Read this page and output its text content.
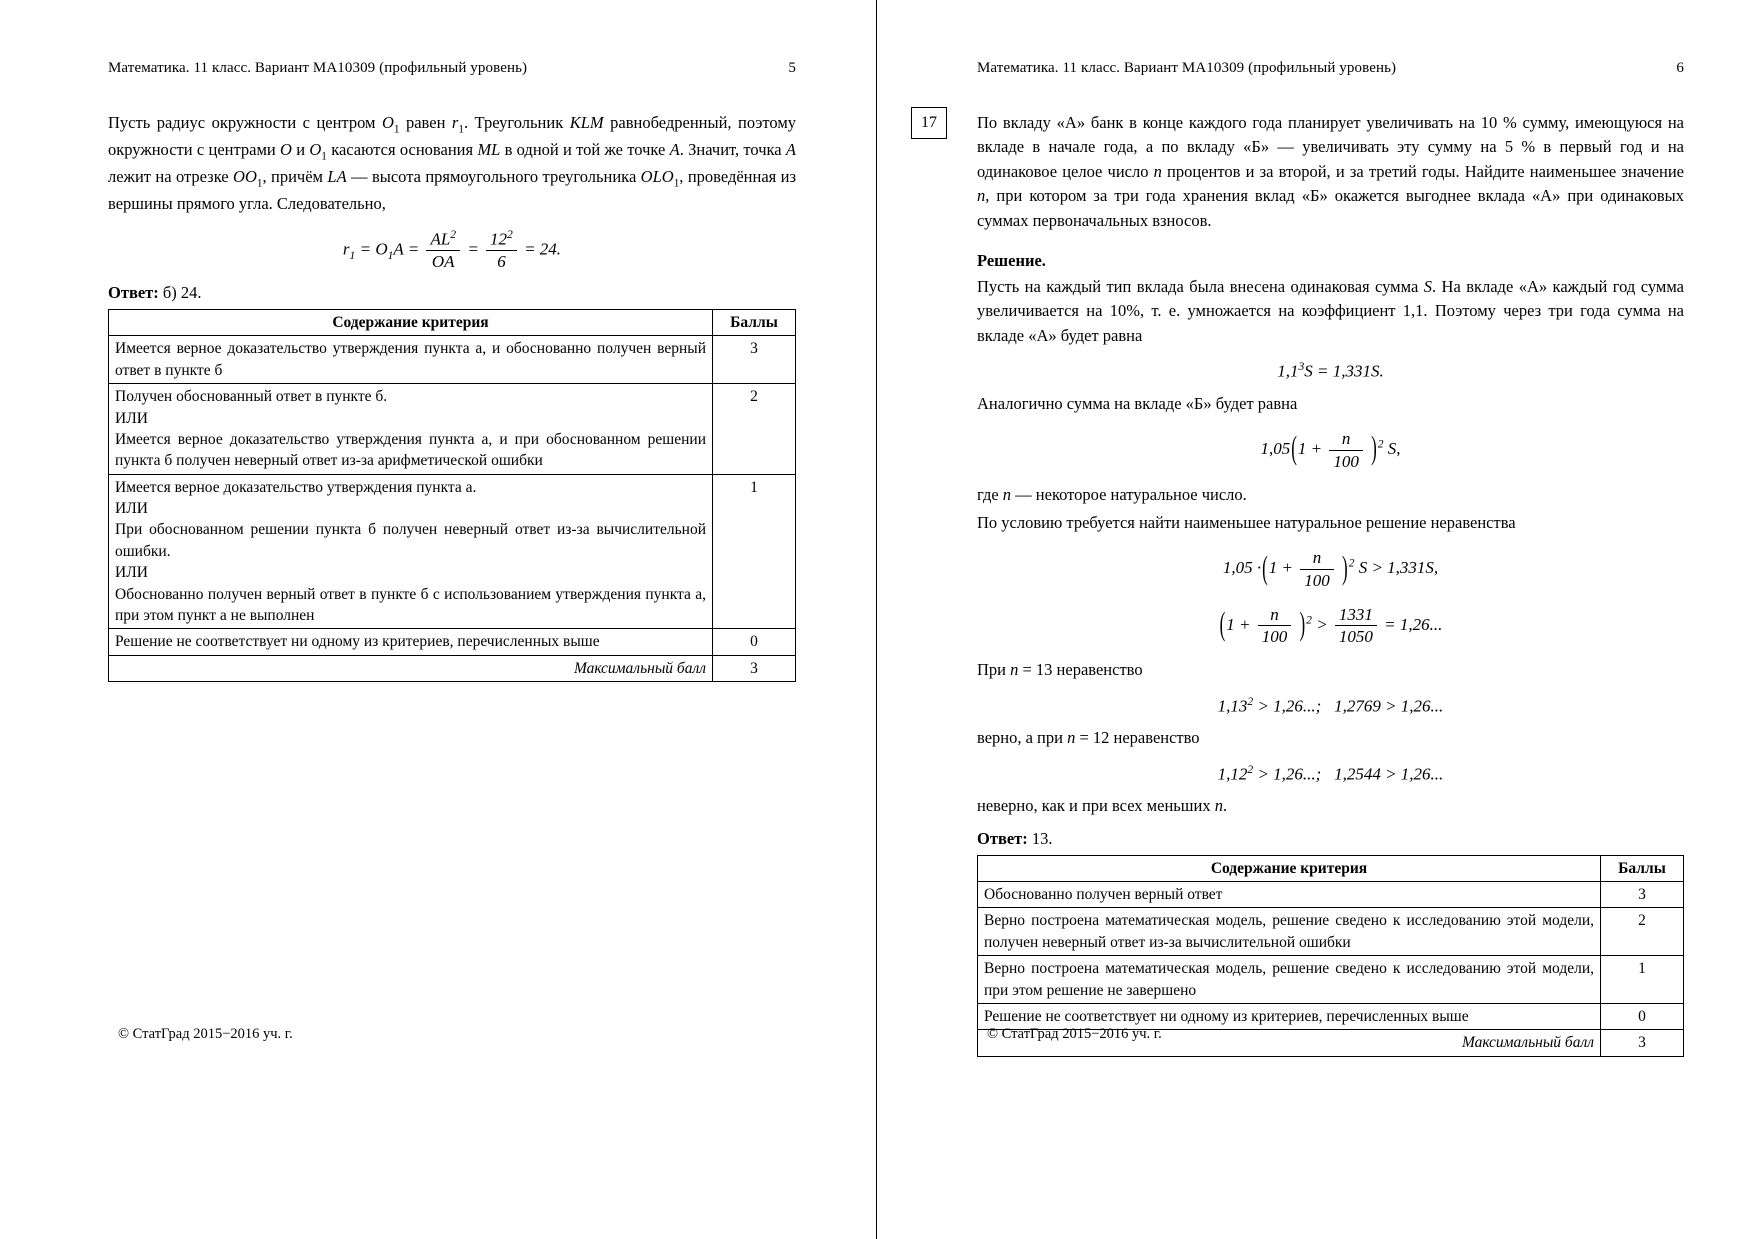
Математика. 11 класс. Вариант МА10309 (профильный уровень)	5

Пусть радиус окружности с центром $O_1$ равен $r_1$. Треугольник KLM равнобедренный, поэтому окружности с центрами O и $O_1$ касаются основания ML в одной и той же точке A. Значит, точка A лежит на отрезке $OO_1$, причём LA — высота прямоугольного треугольника $OLO_1$, проведённая из вершины прямого угла. Следовательно,

$r_1 = O_1A = \frac{AL^2}{OA} = \frac{12^2}{6} = 24$.
Ответ: б) 24.
Содержание критерия	Баллы

Имеется верное доказательство утверждения пункта а, и обоснованно получен верный ответ в пункте б	3

Получен обоснованный ответ в пункте б.
ИЛИ
Имеется верное доказательство утверждения пункта а, и при обоснованном решении пункта б получен неверный ответ из-за арифметической ошибки	2

Имеется верное доказательство утверждения пункта а.
ИЛИ
При обоснованном решении пункта б получен неверный ответ из-за вычислительной ошибки.
ИЛИ
Обоснованно получен верный ответ в пункте б с использованием утверждения пункта а, при этом пункт а не выполнен	1

Решение не соответствует ни одному из критериев, перечисленных выше	0
Максимальный балл	3
© СтатГрад 2015−2016 уч. г.
Математика. 11 класс. Вариант МА10309 (профильный уровень)	6
17	По вкладу «А» банк в конце каждого года планирует увеличивать на 10 % сумму, имеющуюся на вкладе в начале года, а по вкладу «Б» — увеличивать эту сумму на 5 % в первый год и на одинаковое целое число n процентов и за второй, и за третий годы. Найдите наименьшее значение n, при котором за три года хранения вклад «Б» окажется выгоднее вклада «А» при одинаковых суммах первоначальных взносов.

Решение.

Пусть на каждый тип вклада была внесена одинаковая сумма S. На вкладе «А» каждый год сумма увеличивается на 10%, т. е. умножается на коэффициент 1,1. Поэтому через три года сумма на вкладе «А» будет равна

$1,1^3S = 1,331S$.

Аналогично сумма на вкладе «Б» будет равна

$1,05(1 + \frac{n}{100} )^2$ S,

где n — некоторое натуральное число.

По условию требуется найти наименьшее натуральное решение неравенства

$1,05 \cdot(1 + \frac{n}{100} )^2$ S > 1,331S,
$(1 + \frac{n}{100} )^2 > \frac{1331}{1050} = 1,26$...

При n = 13 неравенство

$1,13^2 > 1,26$...;   1,2769 > 1,26...

верно, а при n = 12 неравенство

$1,12^2 > 1,26$...;   1,2544 > 1,26...

неверно, как и при всех меньших n.

Ответ: 13.
Содержание критерия	Баллы

Обоснованно получен верный ответ	3

Верно построена математическая модель, решение сведено к исследованию этой модели, получен неверный ответ из-за вычислительной ошибки	2

Верно построена математическая модель, решение сведено к исследованию этой модели, при этом решение не завершено	1

Решение не соответствует ни одному из критериев, перечисленных выше	0
Максимальный балл	3
© СтатГрад 2015−2016 уч. г.
